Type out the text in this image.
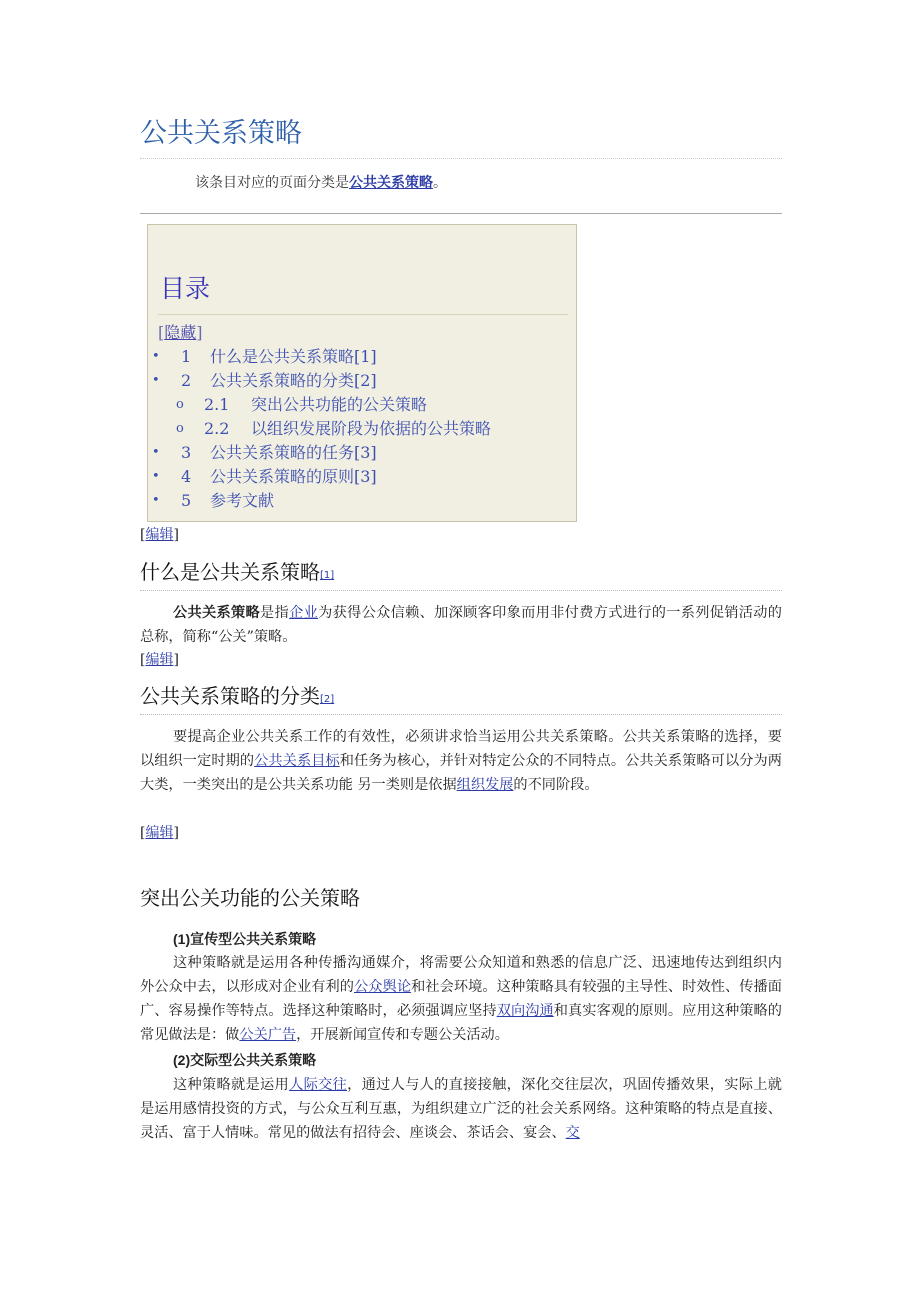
公共关系策略
该条目对应的页面分类是公共关系策略。
目录
[隐藏]
• 1 什么是公共关系策略[1]
• 2 公共关系策略的分类[2]
o 2.1 突出公共功能的公关策略
o 2.2 以组织发展阶段为依据的公共策略
• 3 公共关系策略的任务[3]
• 4 公共关系策略的原则[3]
• 5 参考文献
[编辑]
什么是公共关系策略[1]
公共关系策略是指企业为获得公众信赖、加深顾客印象而用非付费方式进行的一系列促销活动的总称，简称“公关”策略。
[编辑]
公共关系策略的分类[2]
要提高企业公共关系工作的有效性，必须讲求恰当运用公共关系策略。公共关系策略的选择，要以组织一定时期的公共关系目标和任务为核心，并针对特定公众的不同特点。公共关系策略可以分为两大类，一类突出的是公共关系功能 另一类则是依据组织发展的不同阶段。
[编辑]
突出公关功能的公关策略
(1)宣传型公共关系策略
这种策略就是运用各种传播沟通媒介，将需要公众知道和熟悉的信息广泛、迅速地传达到组织内外公众中去，以形成对企业有利的公众舆论和社会环境。这种策略具有较强的主导性、时效性、传播面广、容易操作等特点。选择这种策略时，必须强调应坚持双向沟通和真实客观的原则。应用这种策略的常见做法是：做公关广告，开展新闻宣传和专题公关活动。
(2)交际型公共关系策略
这种策略就是运用人际交往，通过人与人的直接接触，深化交往层次，巩固传播效果，实际上就是运用感情投资的方式，与公众互利互惠，为组织建立广泛的社会关系网络。这种策略的特点是直接、灵活、富于人情味。常见的做法有招待会、座谈会、茶话会、宴会、交
